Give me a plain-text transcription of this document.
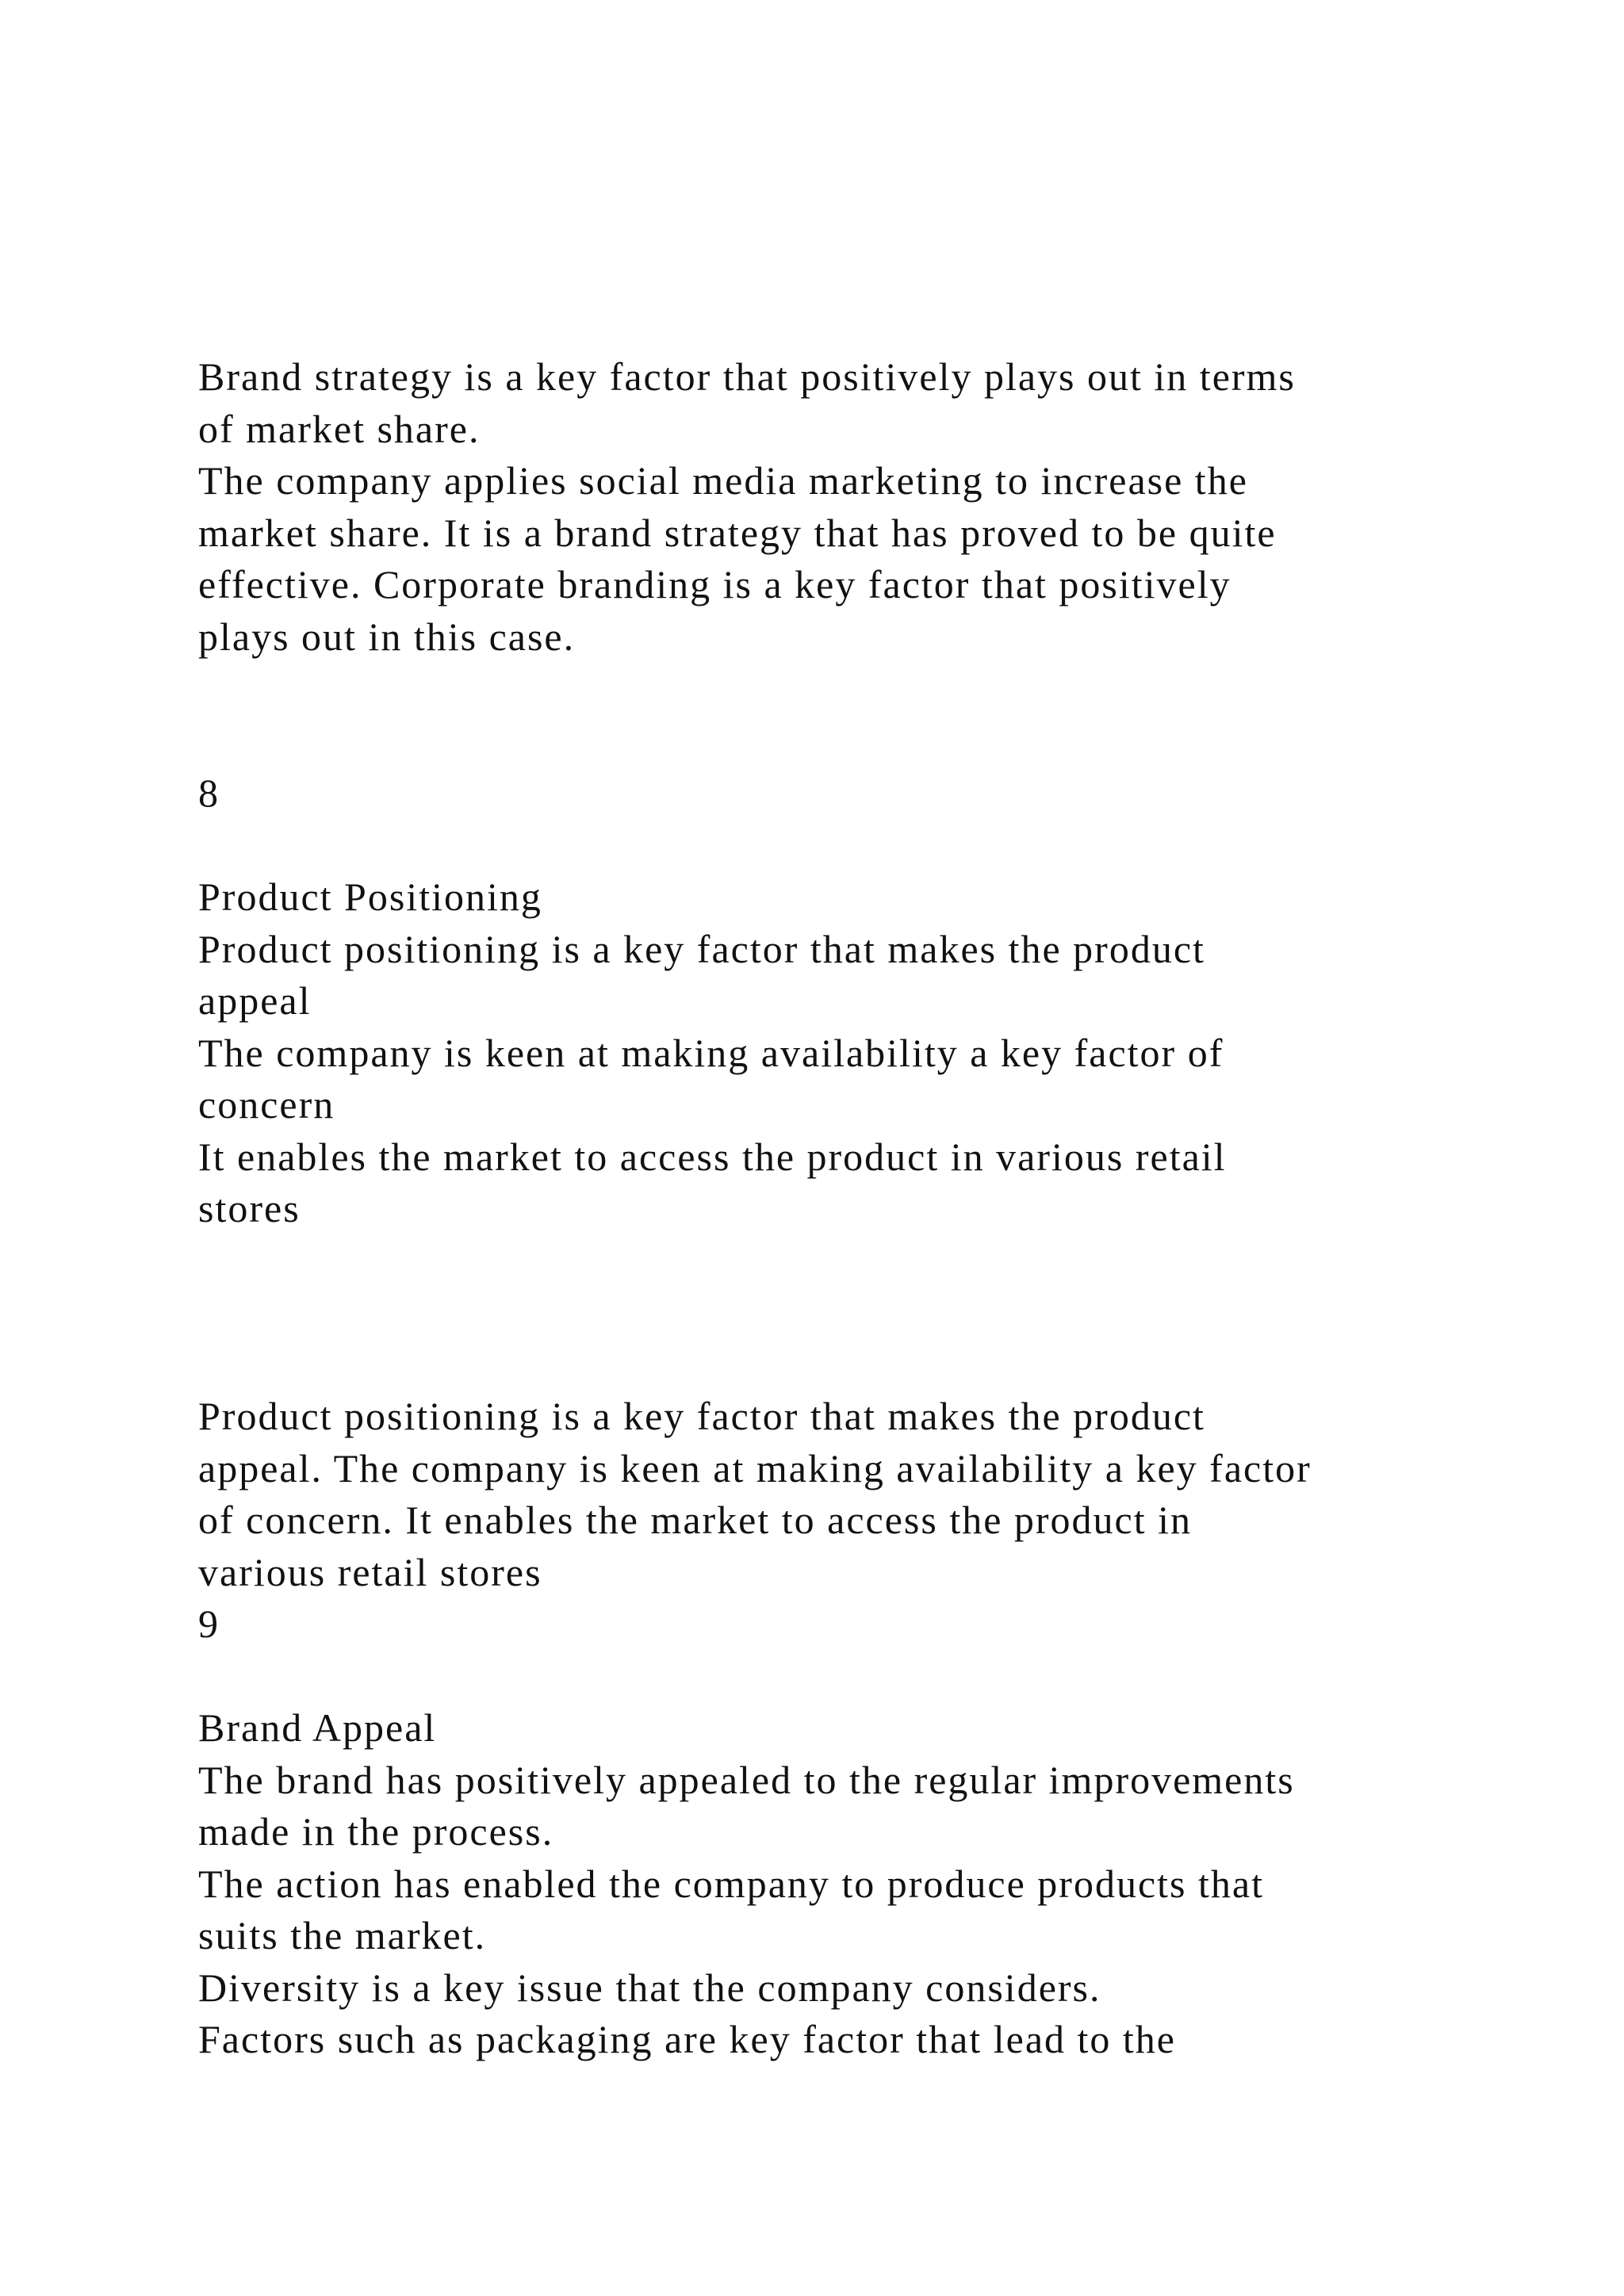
Brand strategy is a key factor that positively plays out in terms
of market share.
The company applies social media marketing to increase the
market share. It is a brand strategy that has proved to be quite
effective. Corporate branding is a key factor that positively
plays out in this case.
8
Product Positioning
Product positioning is a key factor that makes the product
appeal
The company is keen at making availability a key factor of
concern
It enables the market to access the product in various retail
stores
Product positioning is a key factor that makes the product
appeal. The company is keen at making availability a key factor
of concern. It enables the market to access the product in
various retail stores
9
Brand Appeal
The brand has positively appealed to the regular improvements
made in the process.
The action has enabled the company to produce products that
suits the market.
Diversity is a key issue that the company considers.
Factors such as packaging are key factor that lead to the
